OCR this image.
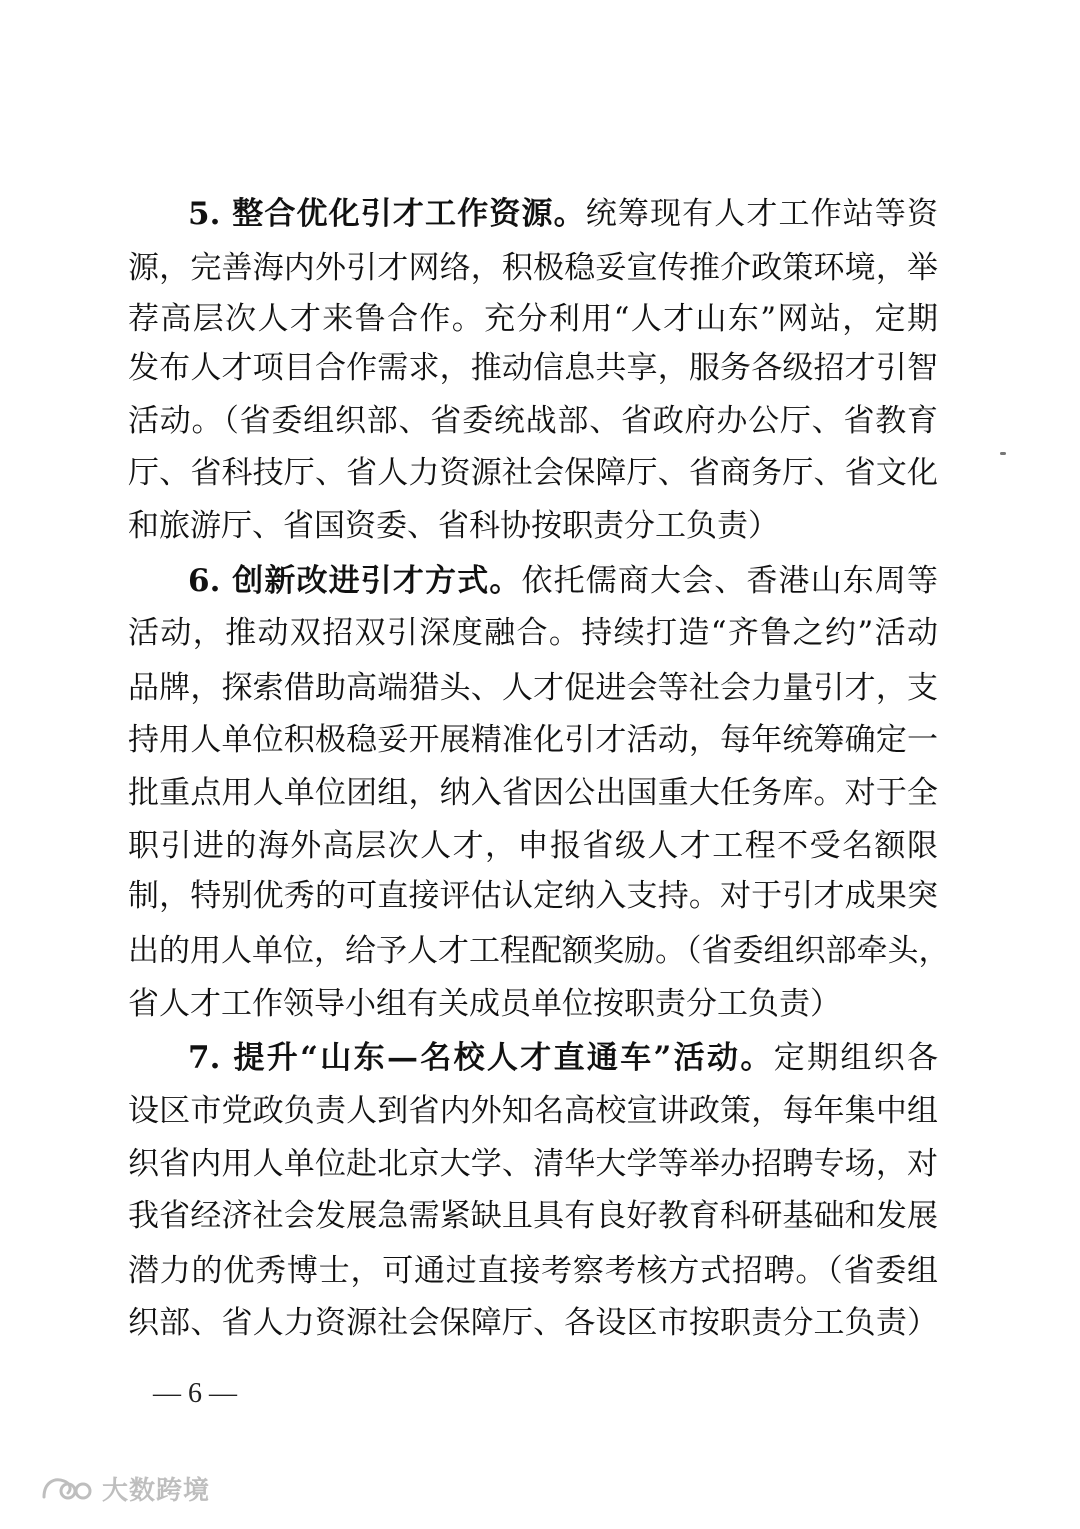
5. 整合优化引才工作资源。统筹现有人才工作站等资
源，完善海内外引才网络，积极稳妥宣传推介政策环境，举
荐高层次人才来鲁合作。充分利用“人才山东”网站，定期
发布人才项目合作需求，推动信息共享，服务各级招才引智
活动。（省委组织部、省委统战部、省政府办公厅、省教育
厅、省科技厅、省人力资源社会保障厅、省商务厅、省文化
和旅游厅、省国资委、省科协按职责分工负责）
6. 创新改进引才方式。依托儒商大会、香港山东周等
活动，推动双招双引深度融合。持续打造“齐鲁之约”活动
品牌，探索借助高端猎头、人才促进会等社会力量引才，支
持用人单位积极稳妥开展精准化引才活动，每年统筹确定一
批重点用人单位团组，纳入省因公出国重大任务库。对于全
职引进的海外高层次人才，申报省级人才工程不受名额限
制，特别优秀的可直接评估认定纳入支持。对于引才成果突
出的用人单位，给予人才工程配额奖励。（省委组织部牵头，
省人才工作领导小组有关成员单位按职责分工负责）
7. 提升“山东—名校人才直通车”活动。定期组织各
设区市党政负责人到省内外知名高校宣讲政策，每年集中组
织省内用人单位赴北京大学、清华大学等举办招聘专场，对
我省经济社会发展急需紧缺且具有良好教育科研基础和发展
潜力的优秀博士，可通过直接考察考核方式招聘。（省委组
织部、省人力资源社会保障厅、各设区市按职责分工负责）
— 6 —
大数跨境
